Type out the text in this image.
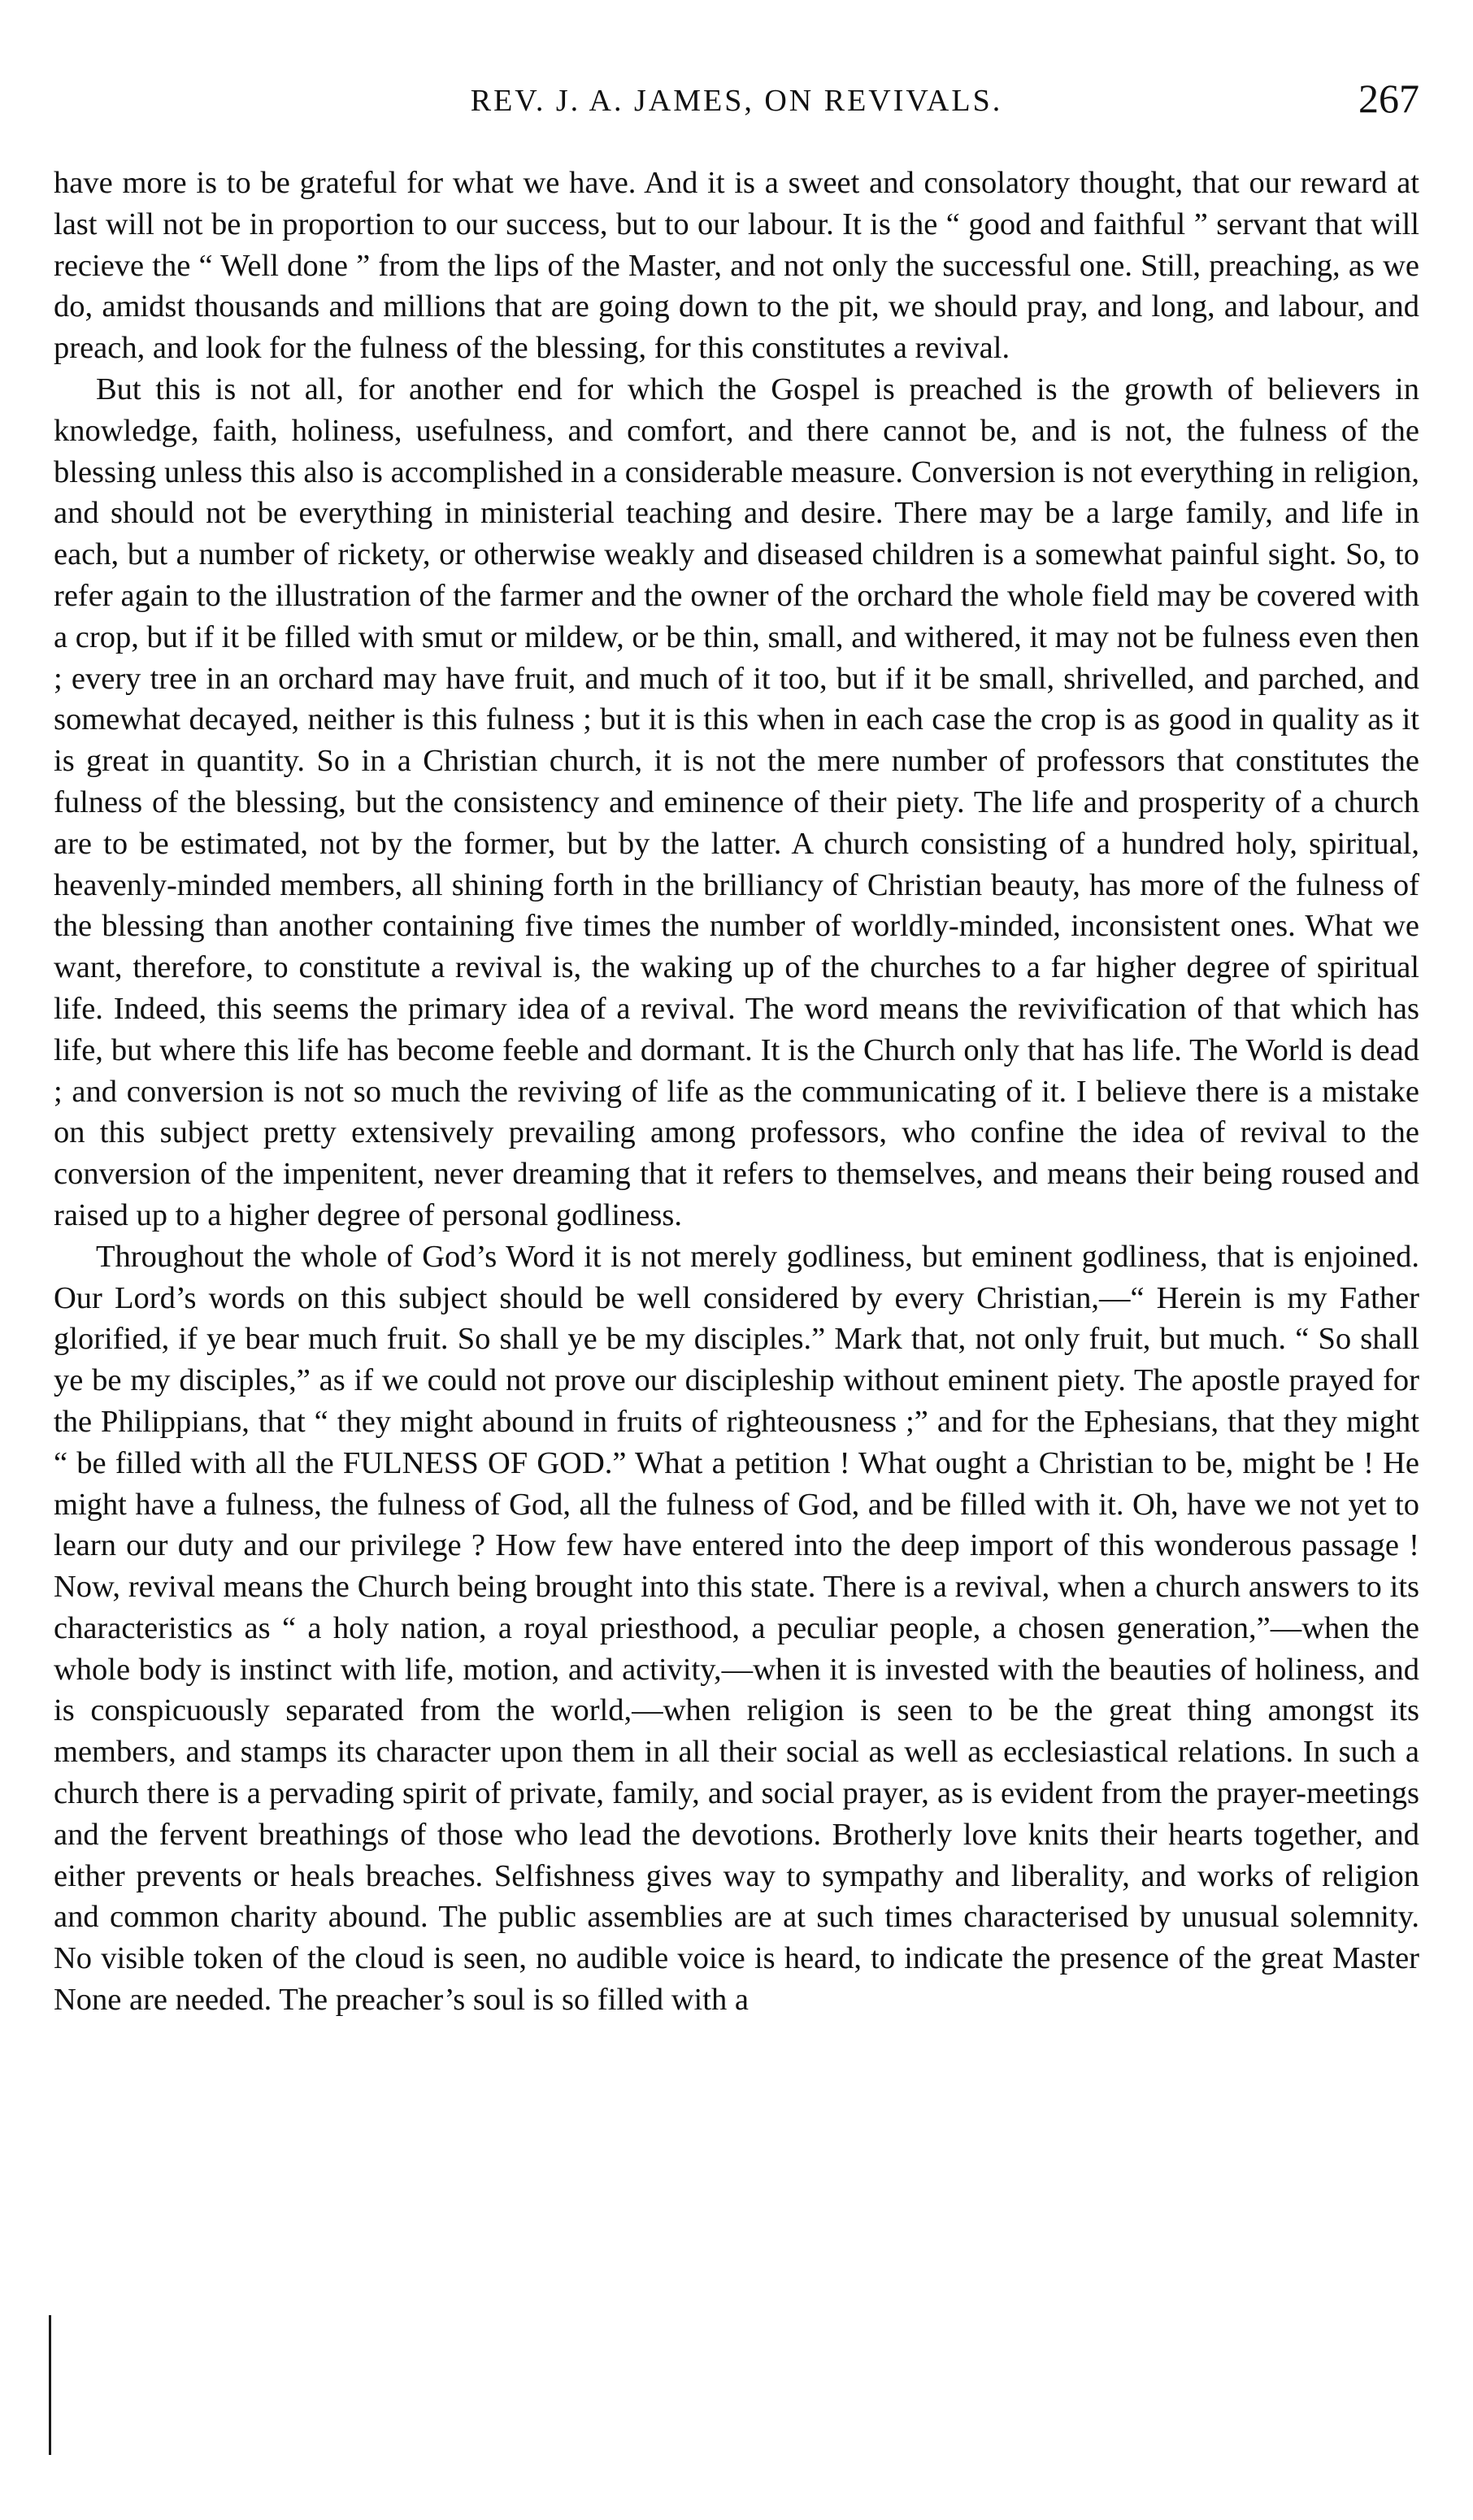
REV. J. A. JAMES, ON REVIVALS.	267

have more is to be grateful for what we have. And it is a sweet and consolatory thought, that our reward at last will not be in proportion to our success, but to our labour. It is the “ good and faithful ” servant that will recieve the “ Well done ” from the lips of the Master, and not only the successful one. Still, preaching, as we do, amidst thousands and millions that are going down to the pit, we should pray, and long, and labour, and preach, and look for the fulness of the blessing, for this constitutes a revival.

But this is not all, for another end for which the Gospel is preached is the growth of believers in knowledge, faith, holiness, usefulness, and comfort, and there cannot be, and is not, the fulness of the blessing unless this also is accomplished in a considerable measure. Conversion is not everything in religion, and should not be everything in ministerial teaching and desire. There may be a large family, and life in each, but a number of rickety, or otherwise weakly and diseased children is a somewhat painful sight. So, to refer again to the illustration of the farmer and the owner of the orchard the whole field may be covered with a crop, but if it be filled with smut or mildew, or be thin, small, and withered, it may not be fulness even then ; every tree in an orchard may have fruit, and much of it too, but if it be small, shrivelled, and parched, and somewhat decayed, neither is this fulness ; but it is this when in each case the crop is as good in quality as it is great in quantity. So in a Christian church, it is not the mere number of professors that constitutes the fulness of the blessing, but the consistency and eminence of their piety. The life and prosperity of a church are to be estimated, not by the former, but by the latter. A church consisting of a hundred holy, spiritual, heavenly-minded members, all shining forth in the brilliancy of Christian beauty, has more of the fulness of the blessing than another containing five times the number of worldly-minded, inconsistent ones. What we want, therefore, to constitute a revival is, the waking up of the churches to a far higher degree of spiritual life. Indeed, this seems the primary idea of a revival. The word means the revivification of that which has life, but where this life has become feeble and dormant. It is the Church only that has life. The World is dead ; and conversion is not so much the reviving of life as the communicating of it. I believe there is a mistake on this subject pretty extensively prevailing among professors, who confine the idea of revival to the conversion of the impenitent, never dreaming that it refers to themselves, and means their being roused and raised up to a higher degree of personal godliness.

Throughout the whole of God’s Word it is not merely godliness, but eminent godliness, that is enjoined. Our Lord’s words on this subject should be well considered by every Christian,—“ Herein is my Father glorified, if ye bear much fruit. So shall ye be my disciples.” Mark that, not only fruit, but much. “ So shall ye be my disciples,” as if we could not prove our discipleship without eminent piety. The apostle prayed for the Philippians, that “ they might abound in fruits of righteousness ;” and for the Ephesians, that they might “ be filled with all the FULNESS OF GOD.” What a petition ! What ought a Christian to be, might be ! He might have a fulness, the fulness of God, all the fulness of God, and be filled with it. Oh, have we not yet to learn our duty and our privilege ? How few have entered into the deep import of this wonderous passage ! Now, revival means the Church being brought into this state. There is a revival, when a church answers to its characteristics as “ a holy nation, a royal priesthood, a peculiar people, a chosen generation,”—when the whole body is instinct with life, motion, and activity,—when it is invested with the beauties of holiness, and is conspicuously separated from the world,—when religion is seen to be the great thing amongst its members, and stamps its character upon them in all their social as well as ecclesiastical relations. In such a church there is a pervading spirit of private, family, and social prayer, as is evident from the prayer-meetings and the fervent breathings of those who lead the devotions. Brotherly love knits their hearts together, and either prevents or heals breaches. Selfishness gives way to sympathy and liberality, and works of religion and common charity abound. The public assemblies are at such times characterised by unusual solemnity. No visible token of the cloud is seen, no audible voice is heard, to indicate the presence of the great Master None are needed. The preacher’s soul is so filled with a
